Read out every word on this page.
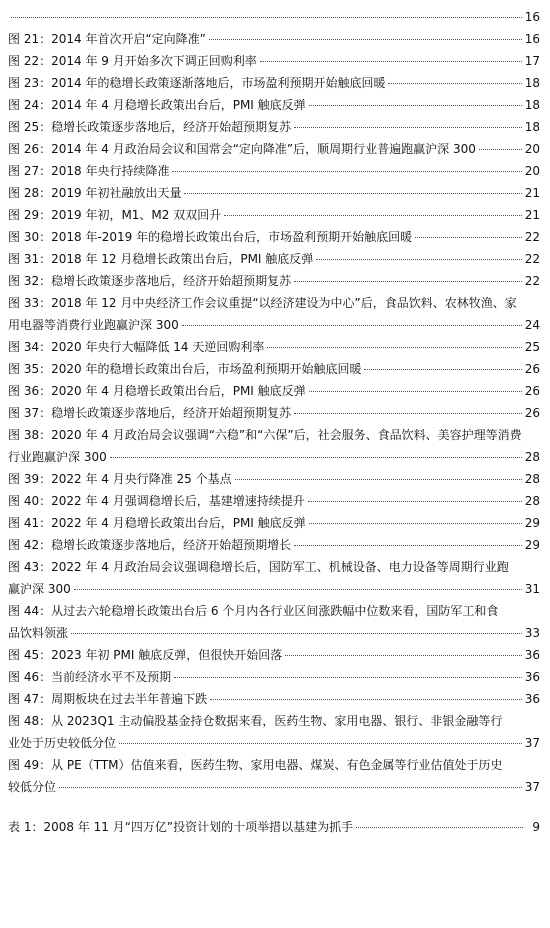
16
图 21：2014 年首次开启“定向降准”	16
图 22：2014 年 9 月开始多次下调正回购利率	17
图 23：2014 年的稳增长政策逐渐落地后，市场盈利预期开始触底回暖	18
图 24：2014 年 4 月稳增长政策出台后，PMI 触底反弹	18
图 25：稳增长政策逐步落地后，经济开始超预期复苏	18
图 26：2014 年 4 月政治局会议和国常会“定向降准”后，顺周期行业普遍跑赢沪深 300	20
图 27：2018 年央行持续降准	20
图 28：2019 年初社融放出天量	21
图 29：2019 年初，M1、M2 双双回升	21
图 30：2018 年-2019 年的稳增长政策出台后，市场盈利预期开始触底回暖	22
图 31：2018 年 12 月稳增长政策出台后，PMI 触底反弹	22
图 32：稳增长政策逐步落地后，经济开始超预期复苏	22
图 33：2018 年 12 月中央经济工作会议重提“以经济建设为中心”后，食品饮料、农林牧渔、家
用电器等消费行业跑赢沪深 300	24
图 34：2020 年央行大幅降低 14 天逆回购利率	25
图 35：2020 年的稳增长政策出台后，市场盈利预期开始触底回暖	26
图 36：2020 年 4 月稳增长政策出台后，PMI 触底反弹	26
图 37：稳增长政策逐步落地后，经济开始超预期复苏	26
图 38：2020 年 4 月政治局会议强调“六稳”和“六保”后，社会服务、食品饮料、美容护理等消费
行业跑赢沪深 300	28
图 39：2022 年 4 月央行降准 25 个基点	28
图 40：2022 年 4 月强调稳增长后，基建增速持续提升	28
图 41：2022 年 4 月稳增长政策出台后，PMI 触底反弹	29
图 42：稳增长政策逐步落地后，经济开始超预期增长	29
图 43：2022 年 4 月政治局会议强调稳增长后，国防军工、机械设备、电力设备等周期行业跑
赢沪深 300	31
图 44：从过去六轮稳增长政策出台后 6 个月内各行业区间涨跌幅中位数来看，国防军工和食
品饮料领涨	33
图 45：2023 年初 PMI 触底反弹，但很快开始回落	36
图 46：当前经济水平不及预期	36
图 47：周期板块在过去半年普遍下跌	36
图 48：从 2023Q1 主动偏股基金持仓数据来看，医药生物、家用电器、银行、非银金融等行
业处于历史较低分位	37
图 49：从 PE（TTM）估值来看，医药生物、家用电器、煤炭、有色金属等行业估值处于历史
较低分位	37
表 1：2008 年 11 月“四万亿”投资计划的十项举措以基建为抓手	9
